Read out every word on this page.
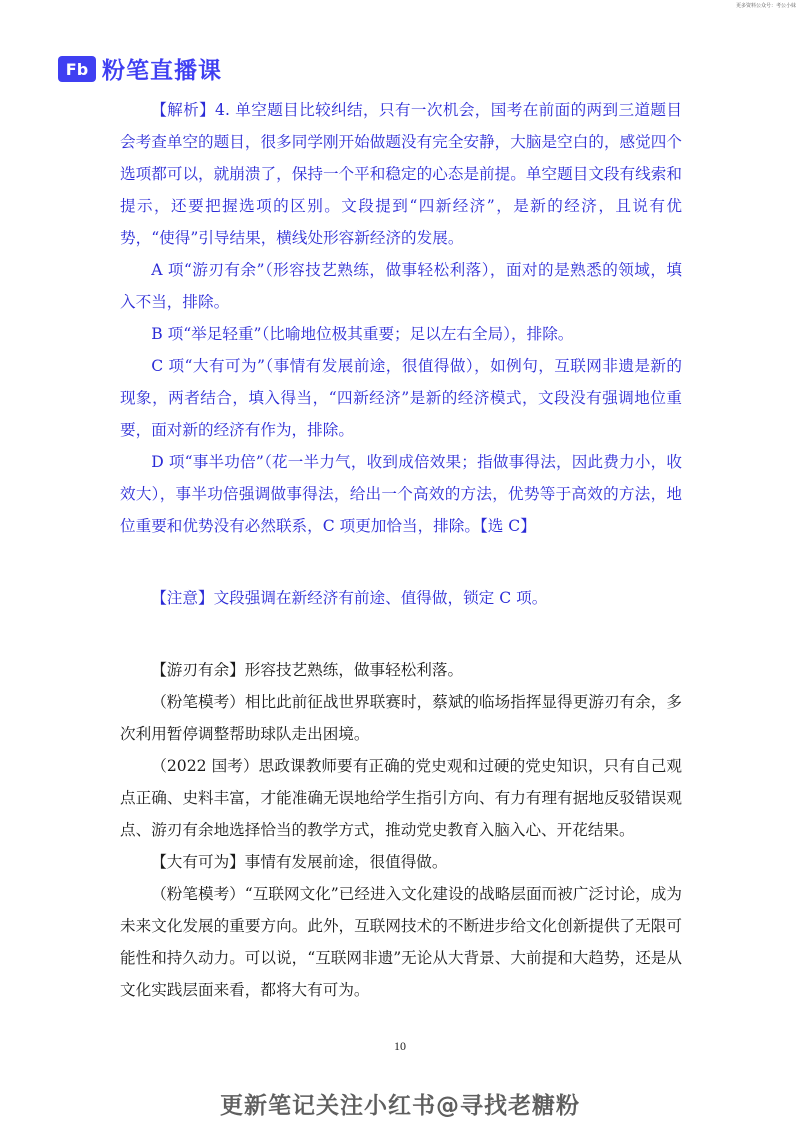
更多资料公众号：考公小妹
Fb 粉笔直播课

【解析】4. 单空题目比较纠结，只有一次机会，国考在前面的两到三道题目会考查单空的题目，很多同学刚开始做题没有完全安静，大脑是空白的，感觉四个选项都可以，就崩溃了，保持一个平和稳定的心态是前提。单空题目文段有线索和提示，还要把握选项的区别。文段提到“四新经济”，是新的经济，且说有优势，“使得”引导结果，横线处形容新经济的发展。

A 项“游刃有余”（形容技艺熟练，做事轻松利落），面对的是熟悉的领域，填入不当，排除。

B 项“举足轻重”（比喻地位极其重要；足以左右全局），排除。

C 项“大有可为”（事情有发展前途，很值得做），如例句，互联网非遗是新的现象，两者结合，填入得当，“四新经济”是新的经济模式，文段没有强调地位重要，面对新的经济有作为，排除。

D 项“事半功倍”（花一半力气，收到成倍效果；指做事得法，因此费力小，收效大），事半功倍强调做事得法，给出一个高效的方法，优势等于高效的方法，地位重要和优势没有必然联系，C 项更加恰当，排除。【选 C】

【注意】文段强调在新经济有前途、值得做，锁定 C 项。

【游刃有余】形容技艺熟练，做事轻松利落。

（粉笔模考）相比此前征战世界联赛时，蔡斌的临场指挥显得更游刃有余，多次利用暂停调整帮助球队走出困境。

（2022 国考）思政课教师要有正确的党史观和过硬的党史知识，只有自己观点正确、史料丰富，才能准确无误地给学生指引方向、有力有理有据地反驳错误观点、游刃有余地选择恰当的教学方式，推动党史教育入脑入心、开花结果。

【大有可为】事情有发展前途，很值得做。

（粉笔模考）“互联网文化”已经进入文化建设的战略层面而被广泛讨论，成为未来文化发展的重要方向。此外，互联网技术的不断进步给文化创新提供了无限可能性和持久动力。可以说，“互联网非遗”无论从大背景、大前提和大趋势，还是从文化实践层面来看，都将大有可为。

10
更新笔记关注小红书@寻找老糖粉
